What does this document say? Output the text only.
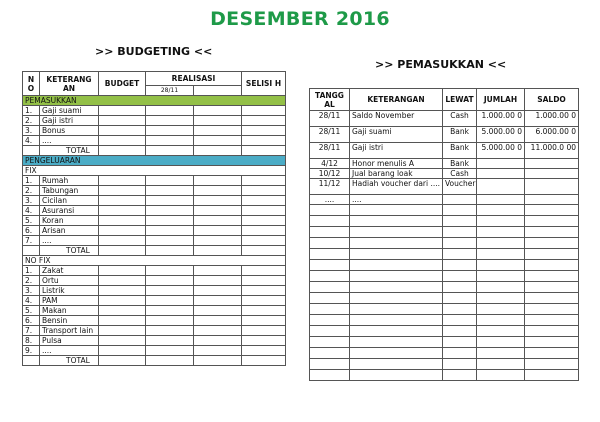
DESEMBER 2016
>> BUDGETING <<
>> PEMASUKKAN <<
N O	KETERANG AN	BUDGET	REALISASI		SELISI H
			28/11		
PEMASUKKAN					
1.	Gaji suami				
2.	Gaji istri				
3.	Bonus				
4.	....				
	TOTAL				
PENGELUARAN					
FIX					
1.	Rumah				
2.	Tabungan				
3.	Cicilan				
4.	Asuransi				
5.	Koran				
6.	Arisan				
7.	....				
	TOTAL				
NO FIX					
1.	Zakat				
2.	Ortu				
3.	Listrik				
4.	PAM				
5.	Makan				
6.	Bensin				
7.	Transport lain				
8.	Pulsa				
9.	....				
	TOTAL				
TANGG AL	KETERANGAN	LEWAT	JUMLAH	SALDO
28/11	Saldo November	Cash	1.000.00 0	1.000.00 0
28/11	Gaji suami	Bank	5.000.00 0	6.000.00 0
28/11	Gaji istri	Bank	5.000.00 0	11.000.0 00
4/12	Honor menulis A	Bank		
10/12	Jual barang loak	Cash		
11/12	Hadiah voucher dari ....	Voucher		
....	....			
